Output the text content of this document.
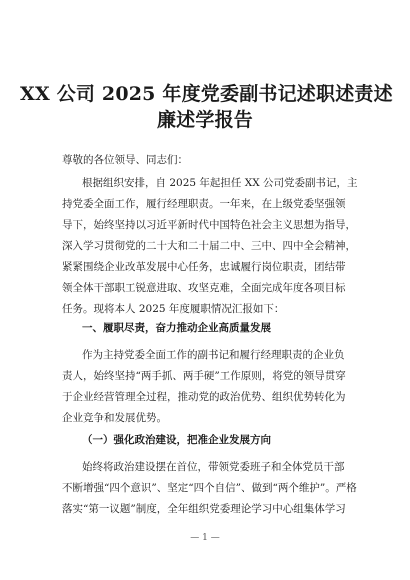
XX 公司 2025 年度党委副书记述职述责述
廉述学报告
尊敬的各位领导、同志们：
根据组织安排，自 2025 年起担任 XX 公司党委副书记，主
持党委全面工作，履行经理职责。一年来，在上级党委坚强领
导下，始终坚持以习近平新时代中国特色社会主义思想为指导，
深入学习贯彻党的二十大和二十届二中、三中、四中全会精神，
紧紧围绕企业改革发展中心任务，忠诚履行岗位职责，团结带
领全体干部职工锐意进取、攻坚克难，全面完成年度各项目标
任务。现将本人 2025 年度履职情况汇报如下：
一、履职尽责，奋力推动企业高质量发展
作为主持党委全面工作的副书记和履行经理职责的企业负
责人，始终坚持“两手抓、两手硬”工作原则，将党的领导贯穿
于企业经营管理全过程，推动党的政治优势、组织优势转化为
企业竞争和发展优势。
（一）强化政治建设，把准企业发展方向
始终将政治建设摆在首位，带领党委班子和全体党员干部
不断增强“四个意识”、坚定“四个自信”、做到“两个维护”。严格
落实“第一议题”制度，全年组织党委理论学习中心组集体学习
— 1 —
